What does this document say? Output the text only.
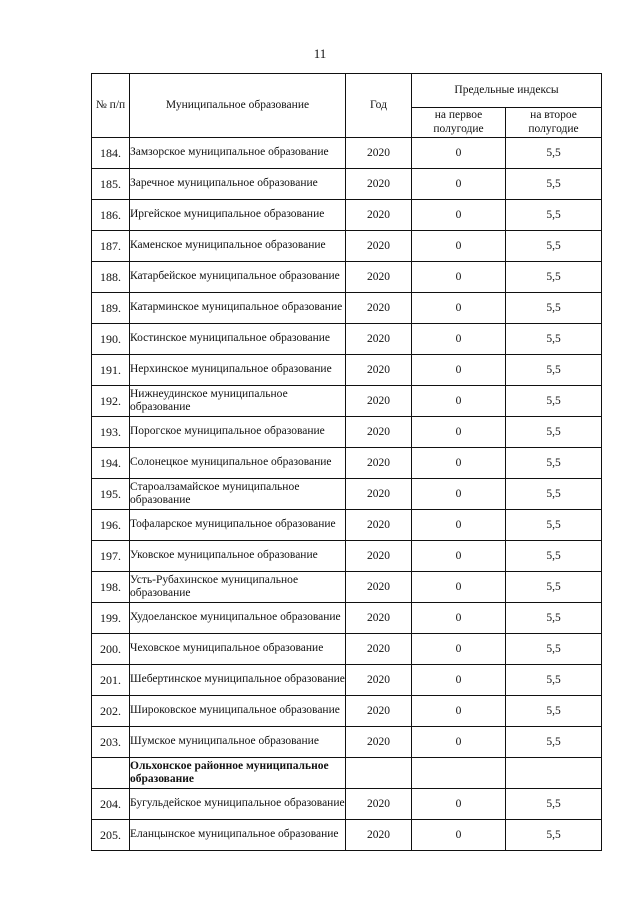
11
№ п/п	Муниципальное образование	Год	Предельные индексы	
			на первое полугодие	на второе полугодие
184.	Замзорское муниципальное образование	2020	0	5,5
185.	Заречное муниципальное образование	2020	0	5,5
186.	Иргейское муниципальное образование	2020	0	5,5
187.	Каменское муниципальное образование	2020	0	5,5
188.	Катарбейское муниципальное образование	2020	0	5,5
189.	Катарминское муниципальное образование	2020	0	5,5
190.	Костинское муниципальное образование	2020	0	5,5
191.	Нерхинское муниципальное образование	2020	0	5,5
192.	Нижнеудинское муниципальное образование	2020	0	5,5
193.	Порогское муниципальное образование	2020	0	5,5
194.	Солонецкое муниципальное образование	2020	0	5,5
195.	Староалзамайское муниципальное образование	2020	0	5,5
196.	Тофаларское муниципальное образование	2020	0	5,5
197.	Уковское муниципальное образование	2020	0	5,5
198.	Усть-Рубахинское муниципальное образование	2020	0	5,5
199.	Худоеланское муниципальное образование	2020	0	5,5
200.	Чеховское муниципальное образование	2020	0	5,5
201.	Шебертинское муниципальное образование	2020	0	5,5
202.	Широковское муниципальное образование	2020	0	5,5
203.	Шумское муниципальное образование	2020	0	5,5
	Ольхонское районное муниципальное образование			
204.	Бугульдейское муниципальное образование	2020	0	5,5
205.	Еланцынское муниципальное образование	2020	0	5,5
